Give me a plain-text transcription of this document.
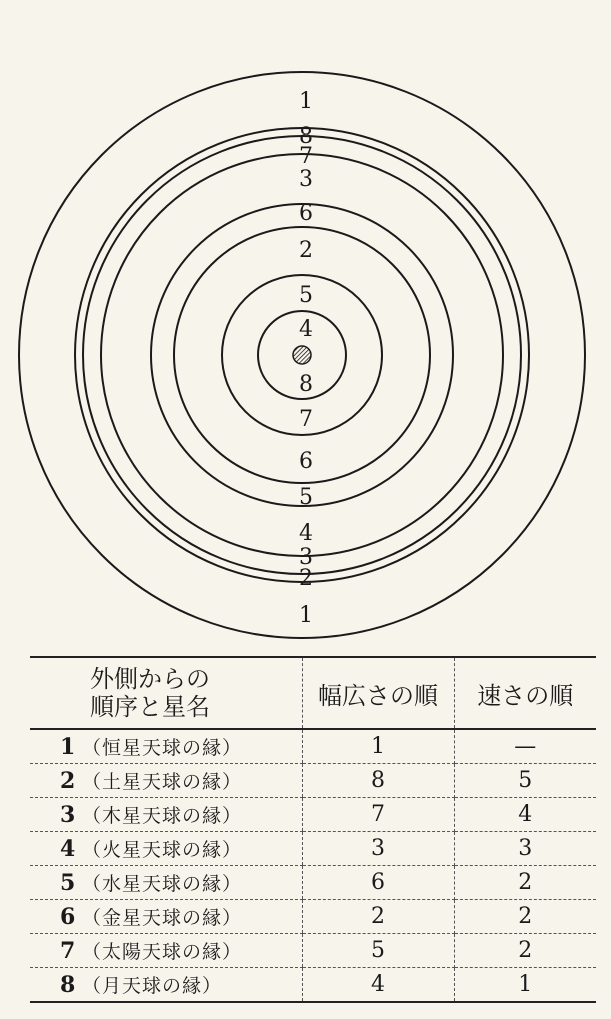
1
8
7
3
6
2
5
4
8
7
6
5
4
3
2
1
外側からの
順序と星名	幅広さの順	速さの順
1 （恒星天球の縁）	1	—
2 （土星天球の縁）	8	5
3 （木星天球の縁）	7	4
4 （火星天球の縁）	3	3
5 （水星天球の縁）	6	2
6 （金星天球の縁）	2	2
7 （太陽天球の縁）	5	2
8 （月天球の縁）	4	1
